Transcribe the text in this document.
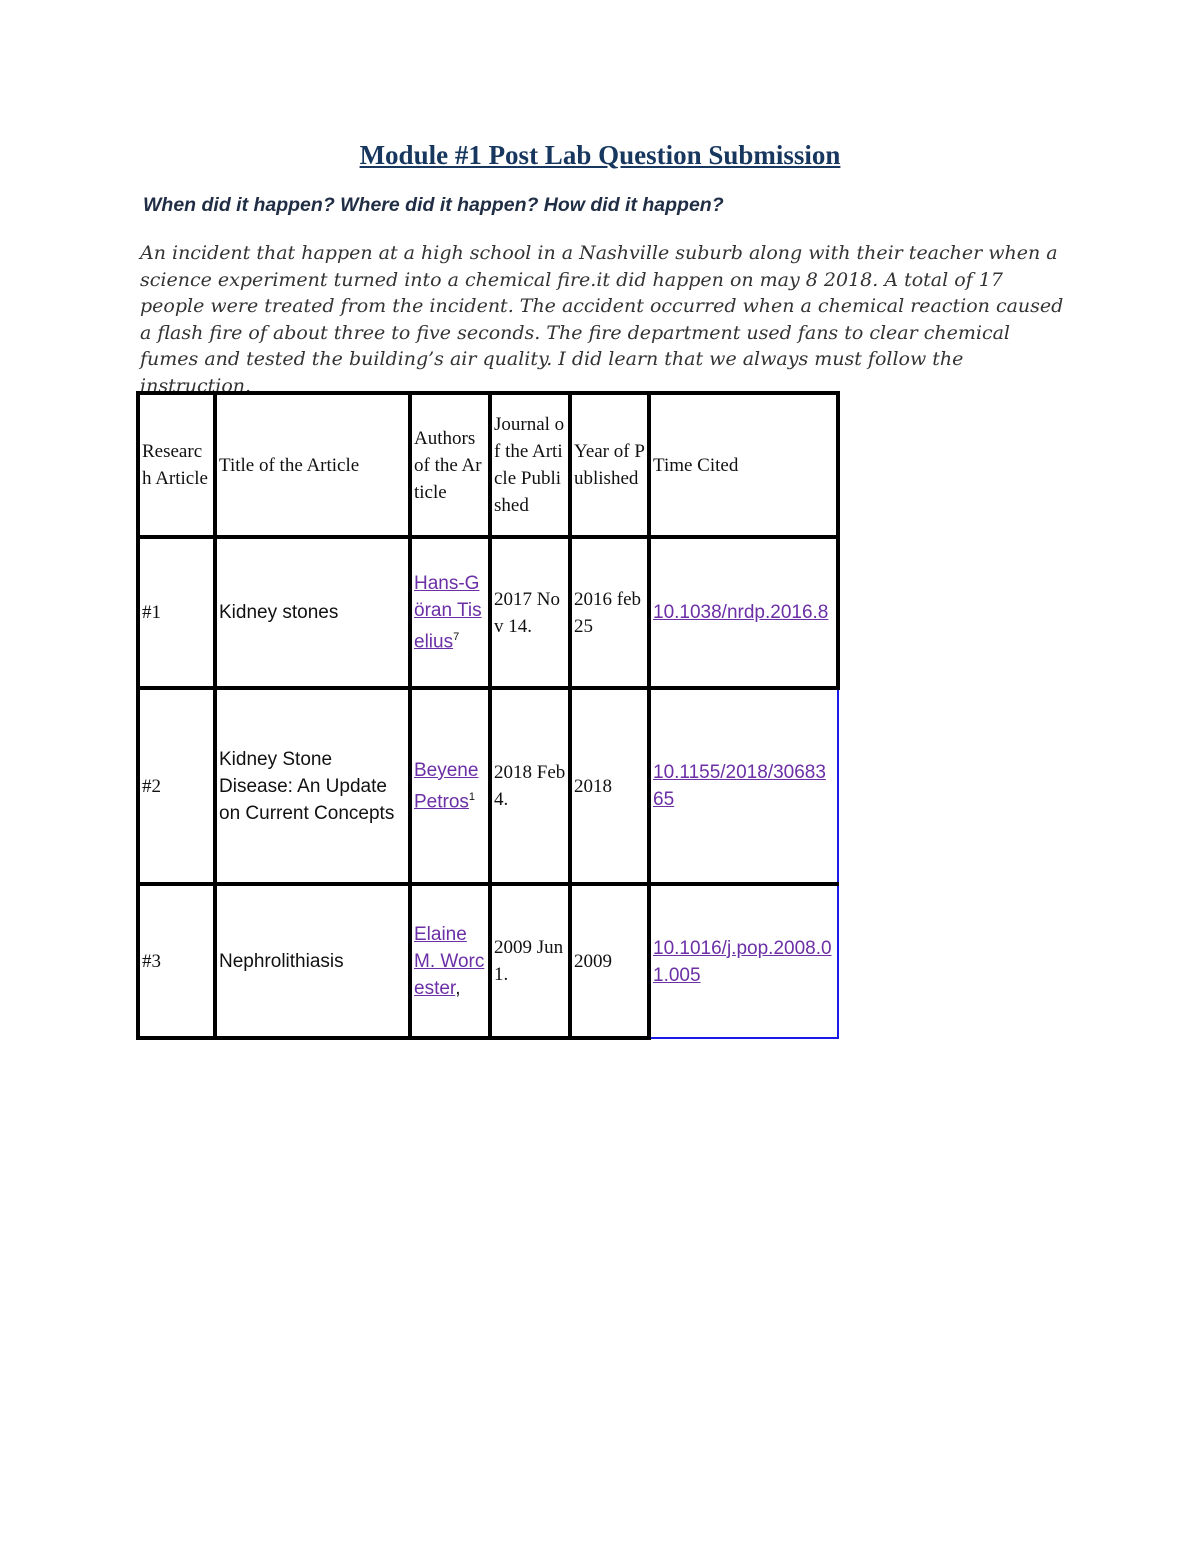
Module #1 Post Lab Question Submission
When did it happen? Where did it happen? How did it happen?
An incident that happen at a high school in a Nashville suburb along with their teacher when a science experiment turned into a chemical fire.it did happen on may 8 2018. A total of 17 people were treated from the incident. The accident occurred when a chemical reaction caused a flash fire of about three to five seconds. The fire department used fans to clear chemical fumes and tested the building’s air quality. I did learn that we always must follow the instruction.
Research Article	Title of the Article	Authors of the Article	Journal of the Article Published	Year of Published	Time Cited
#1	Kidney stones	Hans-Göran Tiselius$^7$	2017 Nov 14.	2016 feb 25	10.1038/nrdp.2016.8
#2	Kidney Stone Disease: An Update on Current Concepts	Beyene Petros$^1$	2018 Feb 4.	2018	10.1155/2018/3068365
#3	Nephrolithiasis	Elaine M. Worcester,	2009 Jun 1.	2009	10.1016/j.pop.2008.01.005
